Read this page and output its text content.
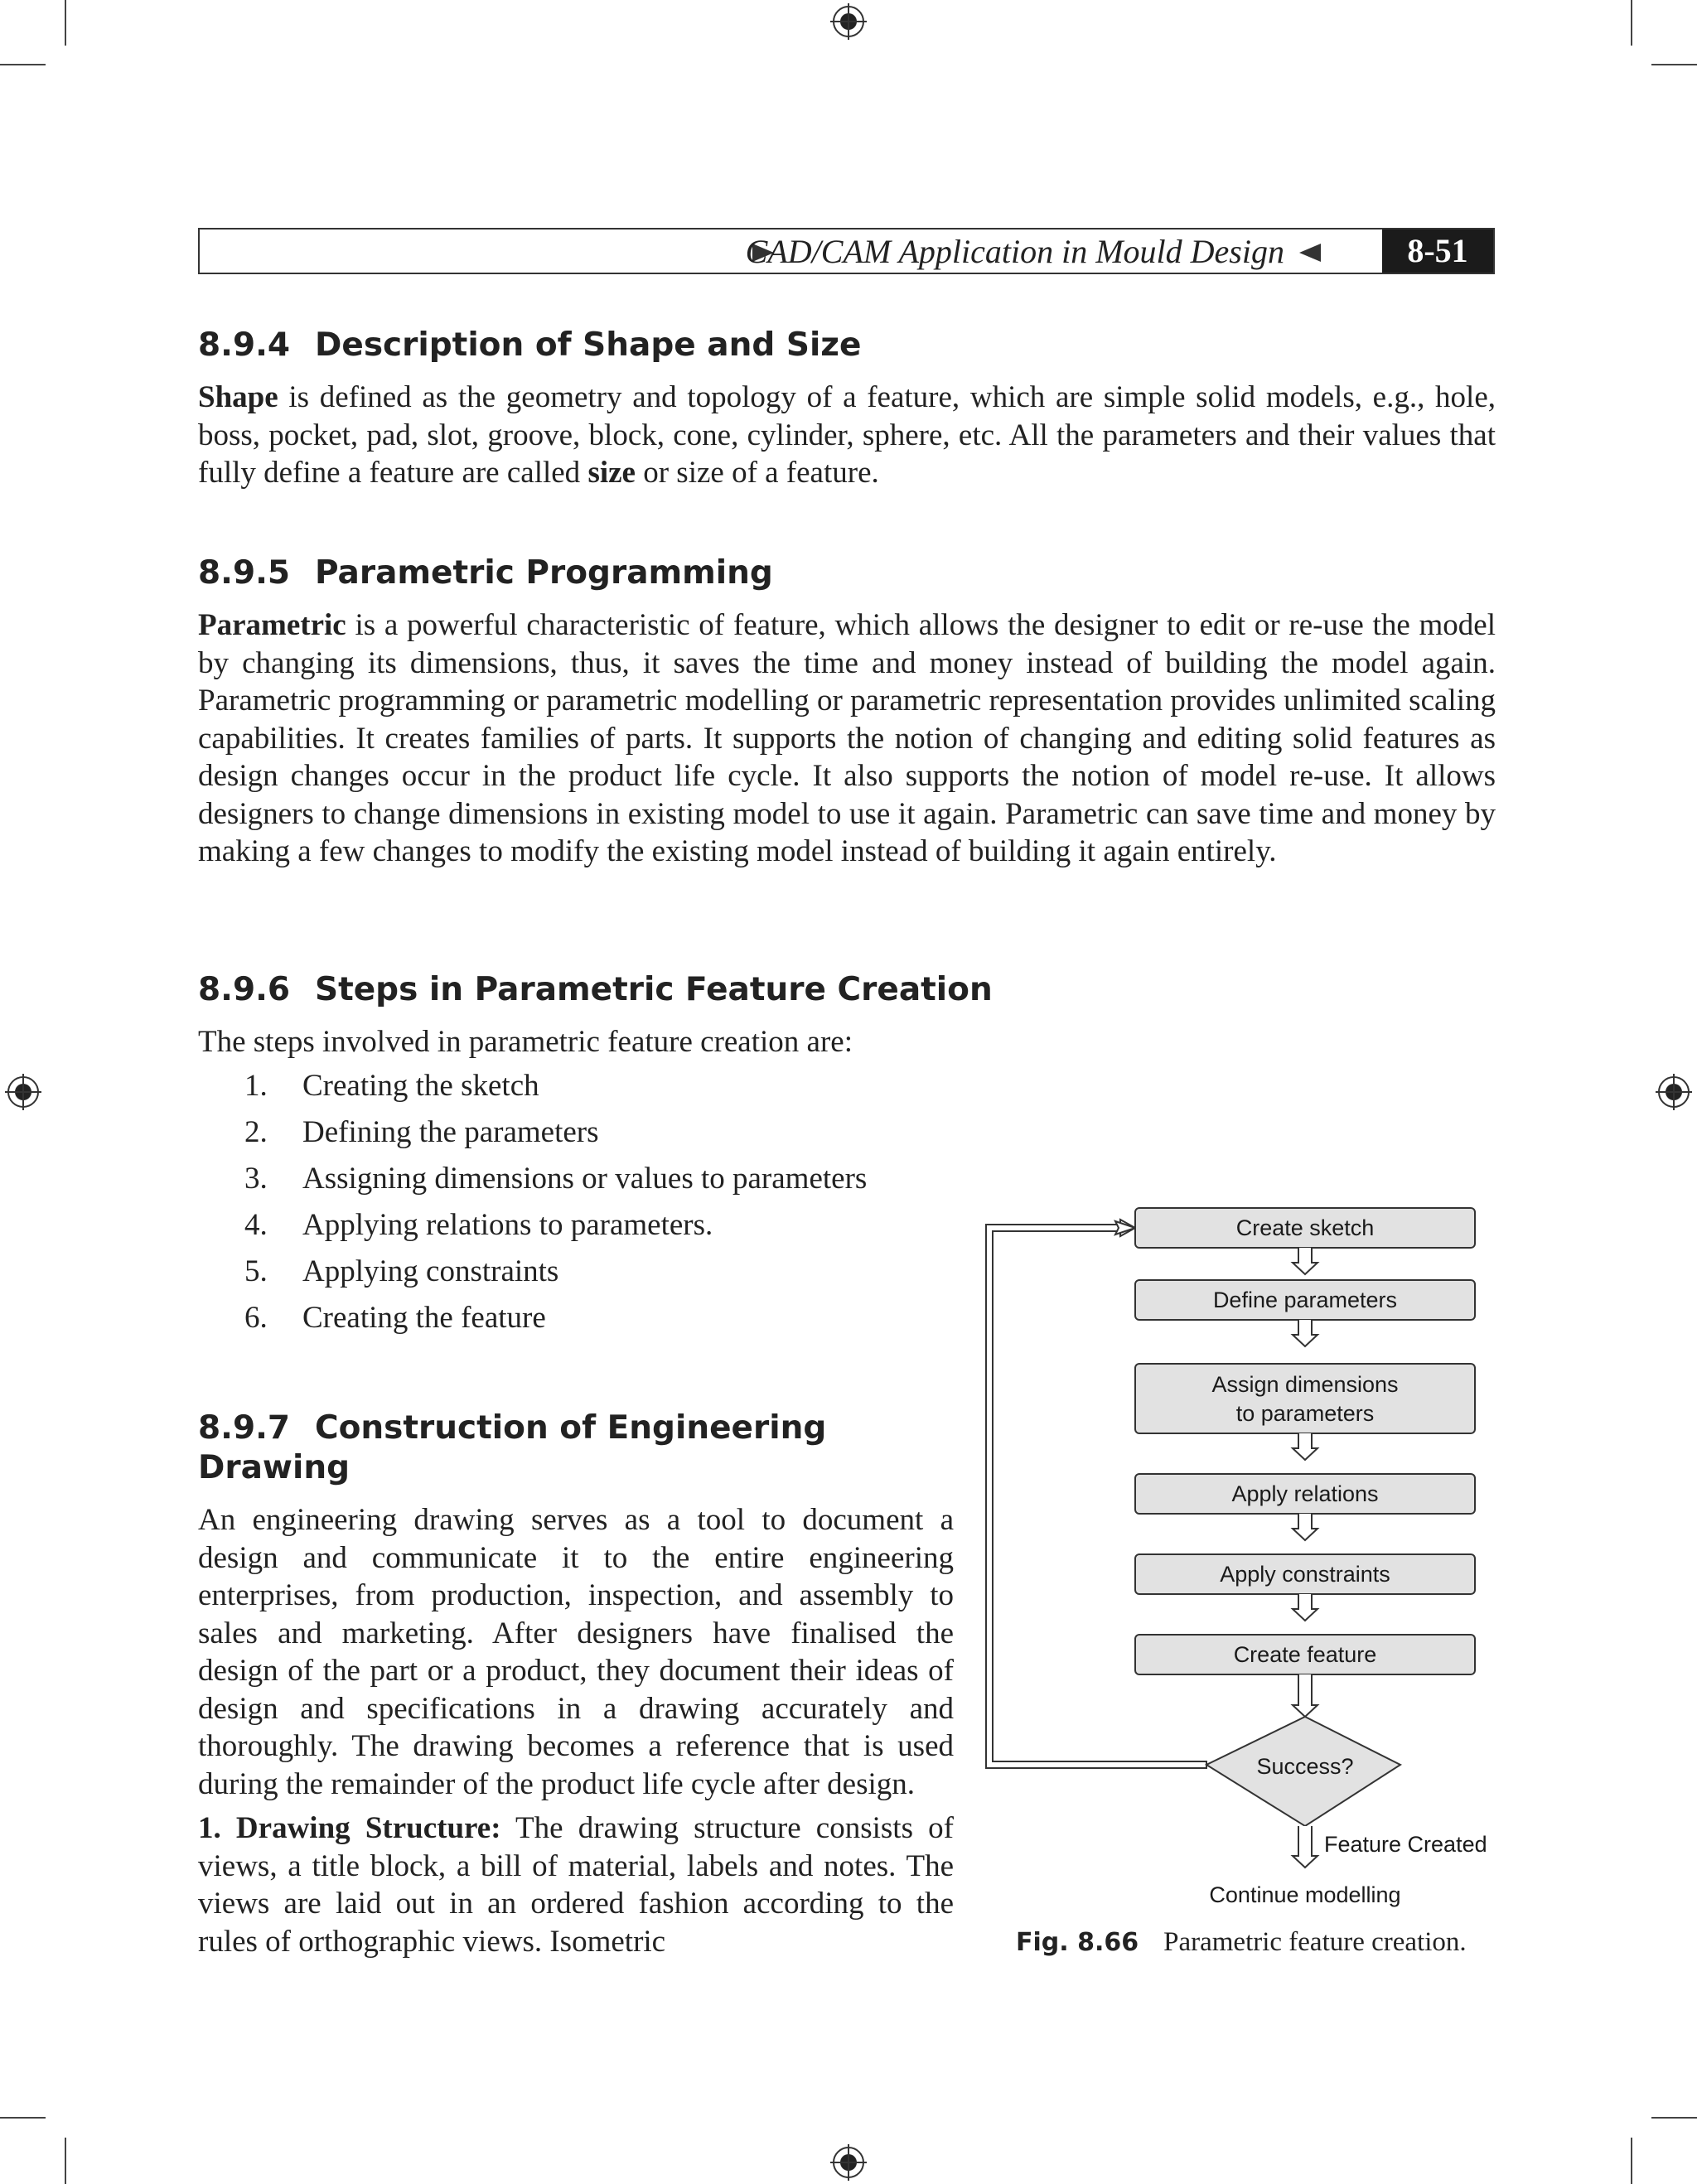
CAD/CAM Application in Mould Design	8-51
8.9.4 Description of Shape and Size

Shape is defined as the geometry and topology of a feature, which are simple solid models, e.g., hole, boss, pocket, pad, slot, groove, block, cone, cylinder, sphere, etc. All the parameters and their values that fully define a feature are called size or size of a feature.

8.9.5 Parametric Programming

Parametric is a powerful characteristic of feature, which allows the designer to edit or re-use the model by changing its dimensions, thus, it saves the time and money instead of building the model again. Parametric programming or parametric modelling or parametric representation provides unlimited scaling capabilities. It creates families of parts. It supports the notion of changing and editing solid features as design changes occur in the product life cycle. It also supports the notion of model re-use. It allows designers to change dimensions in existing model to use it again. Parametric can save time and money by making a few changes to modify the existing model instead of building it again entirely.

8.9.6 Steps in Parametric Feature Creation

The steps involved in parametric feature creation are:

1. Creating the sketch
2. Defining the parameters
3. Assigning dimensions or values to parameters
4. Applying relations to parameters.
5. Applying constraints
6. Creating the feature
8.9.7 Construction of Engineering Drawing

An engineering drawing serves as a tool to document a design and communicate it to the entire engineering enterprises, from production, inspection, and assembly to sales and marketing. After designers have finalised the design of the part or a product, they document their ideas of design and specifications in a drawing accurately and thoroughly. The drawing becomes a reference that is used during the remainder of the product life cycle after design.

1. Drawing Structure: The drawing structure consists of views, a title block, a bill of material, labels and notes. The views are laid out in an ordered fashion according to the rules of orthographic views. Isometric

Create sketch
Define parameters
Assign dimensions
to parameters
Apply relations
Apply constraints
Create feature
Success?
Feature Created
Continue modelling
Fig. 8.66 Parametric feature creation.
